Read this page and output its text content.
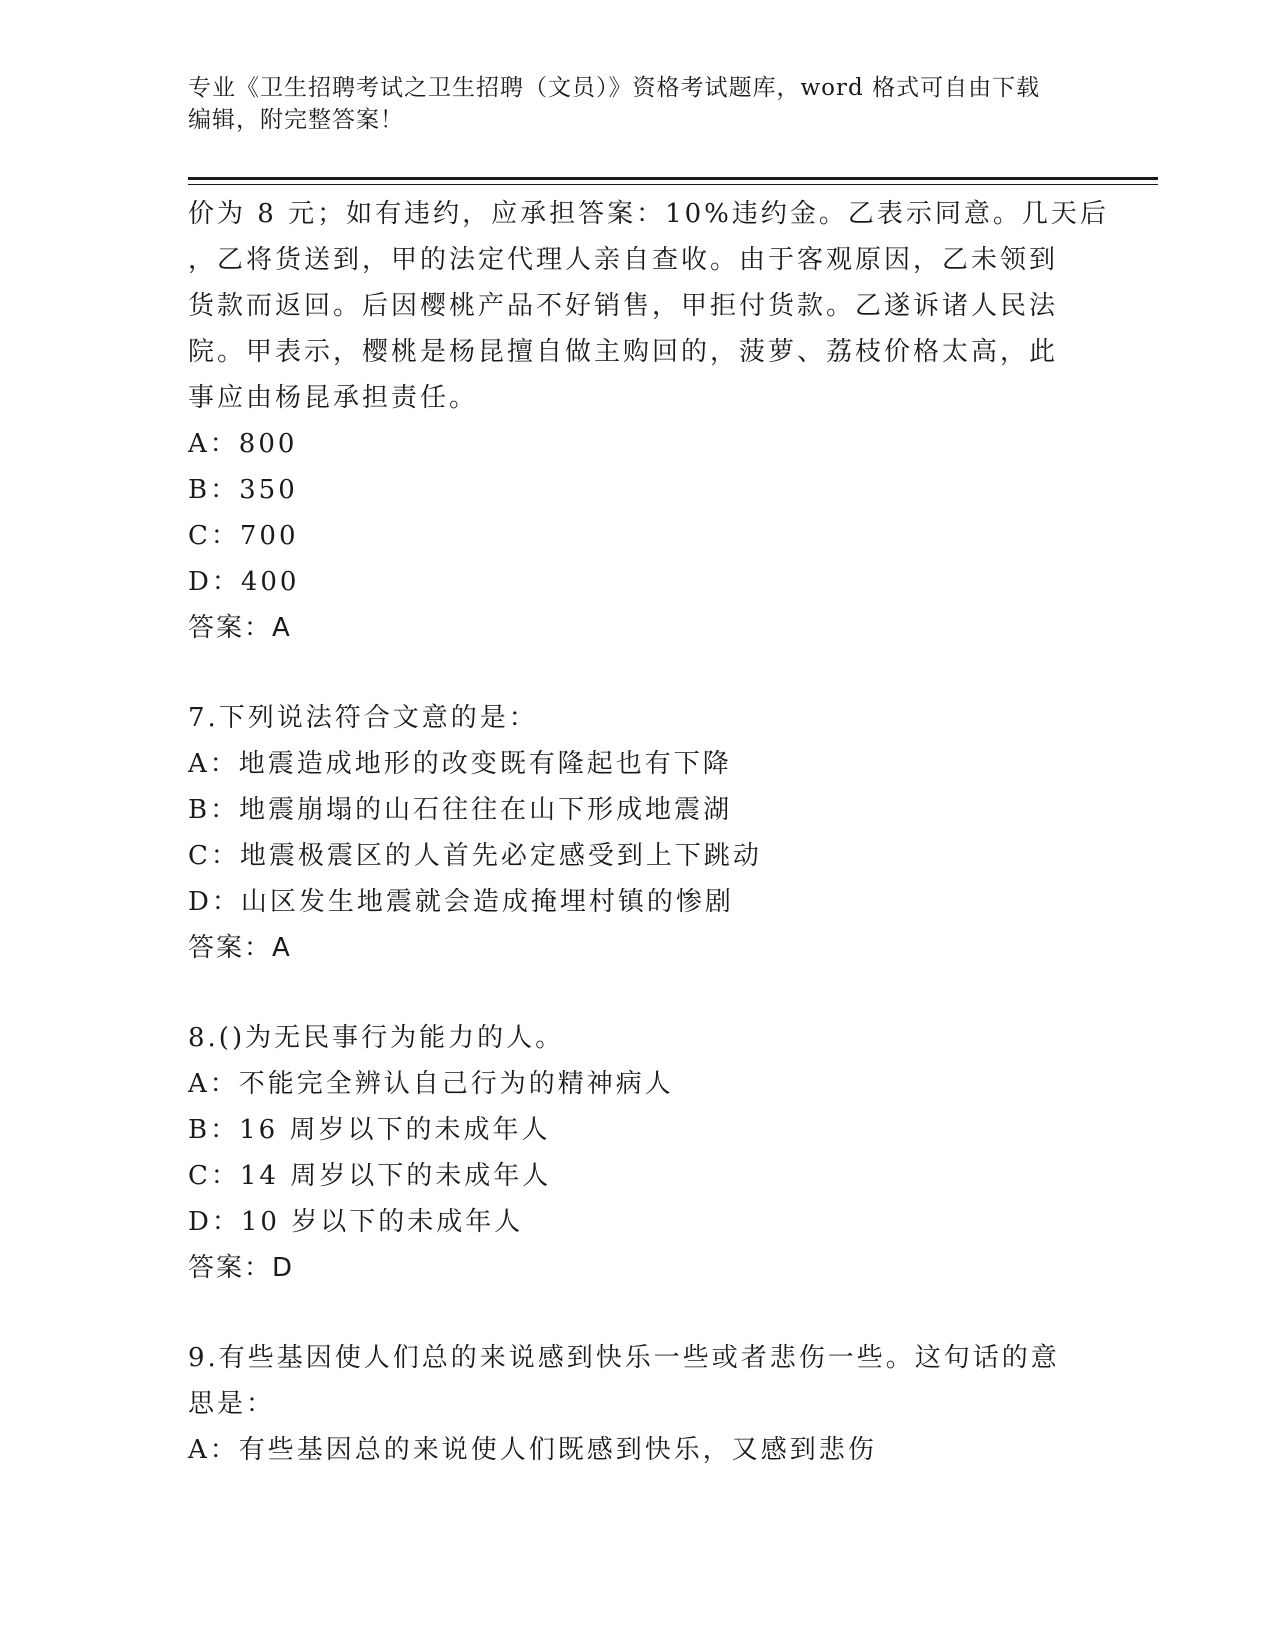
专业《卫生招聘考试之卫生招聘（文员）》资格考试题库，word 格式可自由下载
编辑，附完整答案！
价为 8 元；如有违约，应承担答案：10%违约金。乙表示同意。几天后
，乙将货送到，甲的法定代理人亲自查收。由于客观原因，乙未领到
货款而返回。后因樱桃产品不好销售，甲拒付货款。乙遂诉诸人民法
院。甲表示，樱桃是杨昆擅自做主购回的，菠萝、荔枝价格太高，此
事应由杨昆承担责任。
A：800
B：350
C：700
D：400
答案：A
7.下列说法符合文意的是：
A：地震造成地形的改变既有隆起也有下降
B：地震崩塌的山石往往在山下形成地震湖
C：地震极震区的人首先必定感受到上下跳动
D：山区发生地震就会造成掩埋村镇的惨剧
答案：A
8.()为无民事行为能力的人。
A：不能完全辨认自己行为的精神病人
B：16 周岁以下的未成年人
C：14 周岁以下的未成年人
D：10 岁以下的未成年人
答案：D
9.有些基因使人们总的来说感到快乐一些或者悲伤一些。这句话的意
思是：
A：有些基因总的来说使人们既感到快乐，又感到悲伤
